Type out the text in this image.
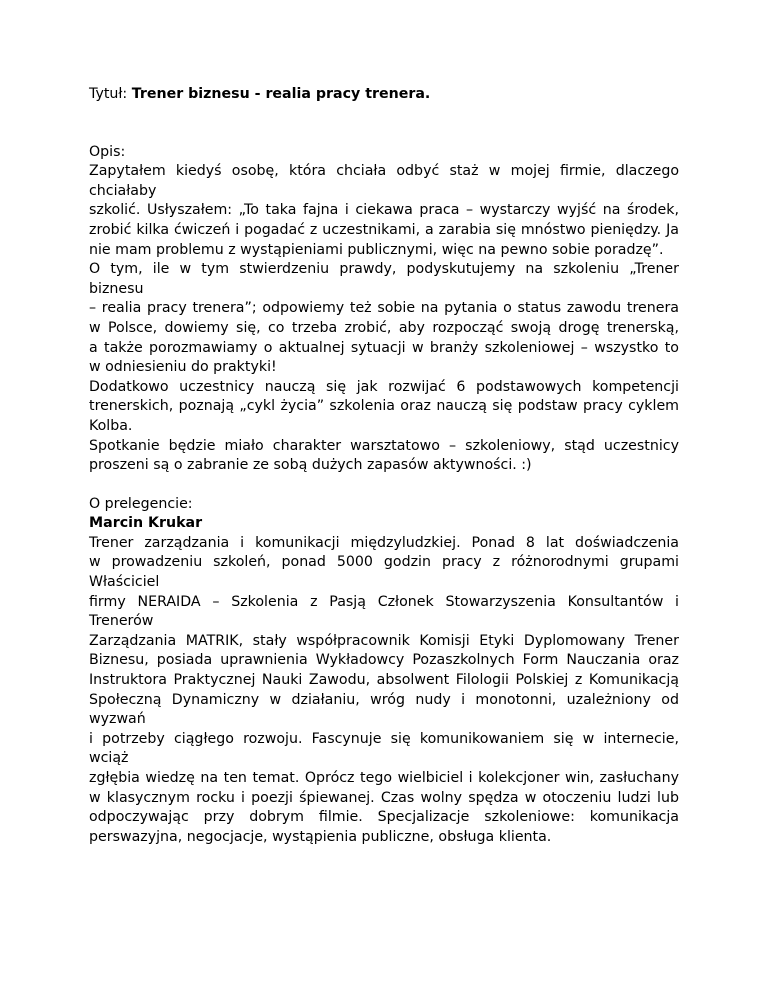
Tytuł: Trener biznesu - realia pracy trenera.
Opis:
Zapytałem kiedyś osobę, która chciała odbyć staż w mojej firmie, dlaczego chciałaby
szkolić. Usłyszałem: „To taka fajna i ciekawa praca – wystarczy wyjść na środek,
zrobić kilka ćwiczeń i pogadać z uczestnikami, a zarabia się mnóstwo pieniędzy. Ja
nie mam problemu z wystąpieniami publicznymi, więc na pewno sobie poradzę”.
O tym, ile w tym stwierdzeniu prawdy, podyskutujemy na szkoleniu „Trener biznesu
– realia pracy trenera”; odpowiemy też sobie na pytania o status zawodu trenera
w Polsce, dowiemy się, co trzeba zrobić, aby rozpocząć swoją drogę trenerską,
a także porozmawiamy o aktualnej sytuacji w branży szkoleniowej – wszystko to
w odniesieniu do praktyki!
Dodatkowo uczestnicy nauczą się jak rozwijać 6 podstawowych kompetencji
trenerskich, poznają „cykl życia” szkolenia oraz nauczą się podstaw pracy cyklem
Kolba.
Spotkanie będzie miało charakter warsztatowo – szkoleniowy, stąd uczestnicy
proszeni są o zabranie ze sobą dużych zapasów aktywności. :)
O prelegencie:
Marcin Krukar
Trener zarządzania i komunikacji międzyludzkiej. Ponad 8 lat doświadczenia
w prowadzeniu szkoleń, ponad 5000 godzin pracy z różnorodnymi grupami Właściciel
firmy NERAIDA – Szkolenia z Pasją Członek Stowarzyszenia Konsultantów i Trenerów
Zarządzania MATRIK, stały współpracownik Komisji Etyki Dyplomowany Trener
Biznesu, posiada uprawnienia Wykładowcy Pozaszkolnych Form Nauczania oraz
Instruktora Praktycznej Nauki Zawodu, absolwent Filologii Polskiej z Komunikacją
Społeczną Dynamiczny w działaniu, wróg nudy i monotonni, uzależniony od wyzwań
i potrzeby ciągłego rozwoju. Fascynuje się komunikowaniem się w internecie, wciąż
zgłębia wiedzę na ten temat. Oprócz tego wielbiciel i kolekcjoner win, zasłuchany
w klasycznym rocku i poezji śpiewanej. Czas wolny spędza w otoczeniu ludzi lub
odpoczywając przy dobrym filmie. Specjalizacje szkoleniowe: komunikacja
perswazyjna, negocjacje, wystąpienia publiczne, obsługa klienta.
